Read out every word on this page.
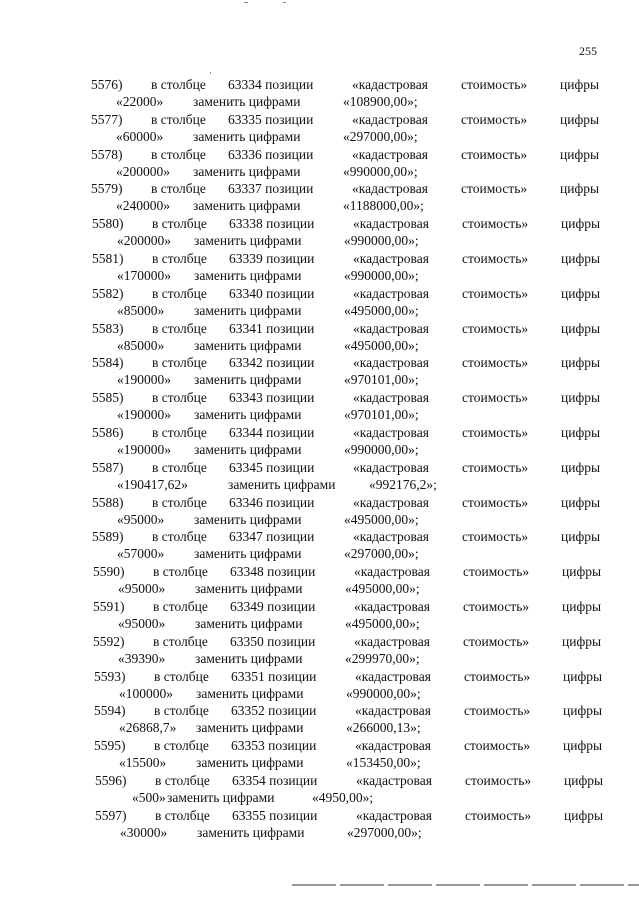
255
5576) в столбце 63334 позиции	«кадастровая стоимость» цифры
«22000» заменить цифрами	«108900,00»;
5577) в столбце 63335 позиции	«кадастровая стоимость» цифры
«60000» заменить цифрами	«297000,00»;
5578) в столбце 63336 позиции	«кадастровая стоимость» цифры
«200000» заменить цифрами	«990000,00»;
5579) в столбце 63337 позиции	«кадастровая стоимость» цифры
«240000» заменить цифрами	«1188000,00»;
5580) в столбце 63338 позиции	«кадастровая стоимость» цифры
«200000» заменить цифрами	«990000,00»;
5581) в столбце 63339 позиции	«кадастровая стоимость» цифры
«170000» заменить цифрами	«990000,00»;
5582) в столбце 63340 позиции	«кадастровая стоимость» цифры
«85000» заменить цифрами	«495000,00»;
5583) в столбце 63341 позиции	«кадастровая стоимость» цифры
«85000» заменить цифрами	«495000,00»;
5584) в столбце 63342 позиции	«кадастровая стоимость» цифры
«190000» заменить цифрами	«970101,00»;
5585) в столбце 63343 позиции	«кадастровая стоимость» цифры
«190000» заменить цифрами	«970101,00»;
5586) в столбце 63344 позиции	«кадастровая стоимость» цифры
«190000» заменить цифрами	«990000,00»;
5587) в столбце 63345 позиции	«кадастровая стоимость» цифры
«190417,62»	заменить цифрами «992176,2»;
5588) в столбце 63346 позиции	«кадастровая стоимость» цифры
«95000» заменить цифрами	«495000,00»;
5589) в столбце 63347 позиции	«кадастровая стоимость» цифры
«57000» заменить цифрами	«297000,00»;
5590) в столбце 63348 позиции	«кадастровая стоимость» цифры
«95000» заменить цифрами	«495000,00»;
5591) в столбце 63349 позиции	«кадастровая стоимость» цифры
«95000» заменить цифрами	«495000,00»;
5592) в столбце 63350 позиции	«кадастровая стоимость» цифры
«39390» заменить цифрами	«299970,00»;
5593) в столбце 63351 позиции	«кадастровая стоимость» цифры
«100000» заменить цифрами	«990000,00»;
5594) в столбце 63352 позиции	«кадастровая стоимость» цифры
«26868,7» заменить цифрами	«266000,13»;
5595) в столбце 63353 позиции	«кадастровая стоимость» цифры
«15500» заменить цифрами	«153450,00»;
5596) в столбце 63354 позиции	«кадастровая стоимость» цифры
«500» заменить цифрами	«4950,00»;
5597) в столбце 63355 позиции	«кадастровая стоимость» цифры
«30000» заменить цифрами	«297000,00»;
